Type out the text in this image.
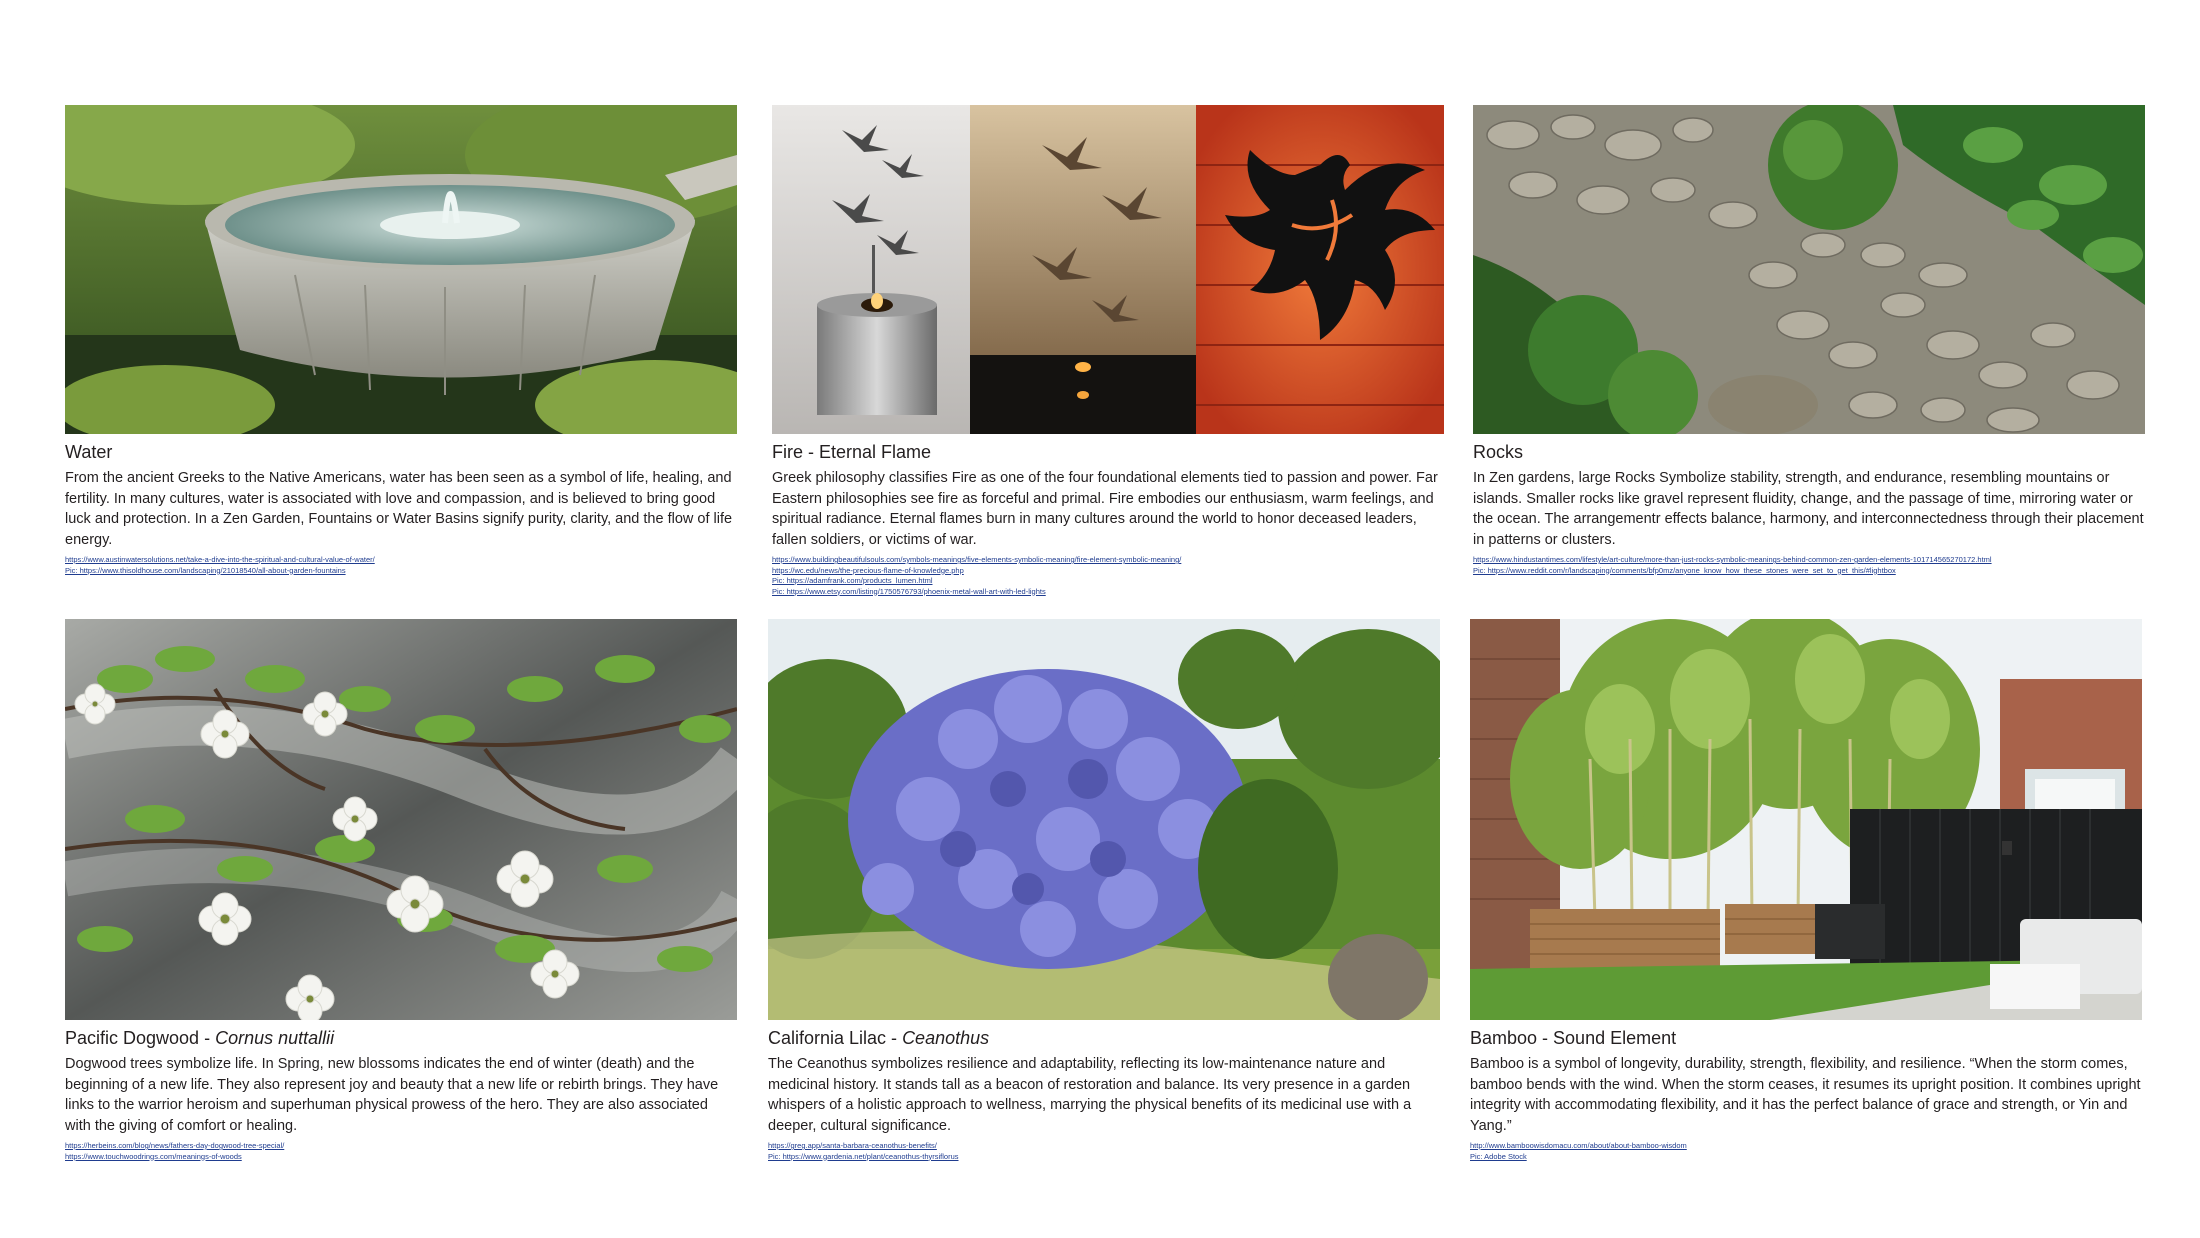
Water
From the ancient Greeks to the Native Americans, water has been seen as a symbol of life, healing, and fertility. In many cultures, water is associated with love and compassion, and is believed to bring good luck and protection. In a Zen Garden, Fountains or Water Basins signify purity, clarity, and the flow of life energy.
https://www.austinwatersolutions.net/take-a-dive-into-the-spiritual-and-cultural-value-of-water/
Pic: https://www.thisoldhouse.com/landscaping/21018540/all-about-garden-fountains
Fire - Eternal Flame
Greek philosophy classifies Fire as one of the four foundational elements tied to passion and power. Far Eastern philosophies see fire as forceful and primal. Fire embodies our enthusiasm, warm feelings, and spiritual radiance. Eternal flames burn in many cultures around the world to honor deceased leaders, fallen soldiers, or victims of war.
https://www.buildingbeautifulsouls.com/symbols-meanings/five-elements-symbolic-meaning/fire-element-symbolic-meaning/
https://wc.edu/news/the-precious-flame-of-knowledge.php
Pic: https://adamfrank.com/products_lumen.html
Pic: https://www.etsy.com/listing/1750576793/phoenix-metal-wall-art-with-led-lights
Rocks
In Zen gardens, large Rocks Symbolize stability, strength, and endurance, resembling mountains or islands. Smaller rocks like gravel represent fluidity, change, and the passage of time, mirroring water or the ocean. The arrangementr effects balance, harmony, and interconnectedness through their placement in patterns or clusters.
https://www.hindustantimes.com/lifestyle/art-culture/more-than-just-rocks-symbolic-meanings-behind-common-zen-garden-elements-101714565270172.html
Pic: https://www.reddit.com/r/landscaping/comments/bfp0mz/anyone_know_how_these_stones_were_set_to_get_this/#lightbox
Pacific Dogwood - Cornus nuttallii
Dogwood trees symbolize life. In Spring, new blossoms indicates the end of winter (death) and the beginning of a new life. They also represent joy and beauty that a new life or rebirth brings. They have links to the warrior heroism and superhuman physical prowess of the hero. They are also associated with the giving of comfort or healing.
https://herbeins.com/blog/news/fathers-day-dogwood-tree-special/
https://www.touchwoodrings.com/meanings-of-woods
California Lilac - Ceanothus
The Ceanothus symbolizes resilience and adaptability, reflecting its low-maintenance nature and medicinal history. It stands tall as a beacon of restoration and balance. Its very presence in a garden whispers of a holistic approach to wellness, marrying the physical benefits of its medicinal use with a deeper, cultural significance.
https://greg.app/santa-barbara-ceanothus-benefits/
Pic: https://www.gardenia.net/plant/ceanothus-thyrsiflorus
Bamboo - Sound Element
Bamboo is a symbol of longevity, durability, strength, flexibility, and resilience. “When the storm comes, bamboo bends with the wind. When the storm ceases, it resumes its upright position. It combines upright integrity with accommodating flexibility, and it has the perfect balance of grace and strength, or Yin and Yang.”
http://www.bamboowisdomacu.com/about/about-bamboo-wisdom
Pic: Adobe Stock
